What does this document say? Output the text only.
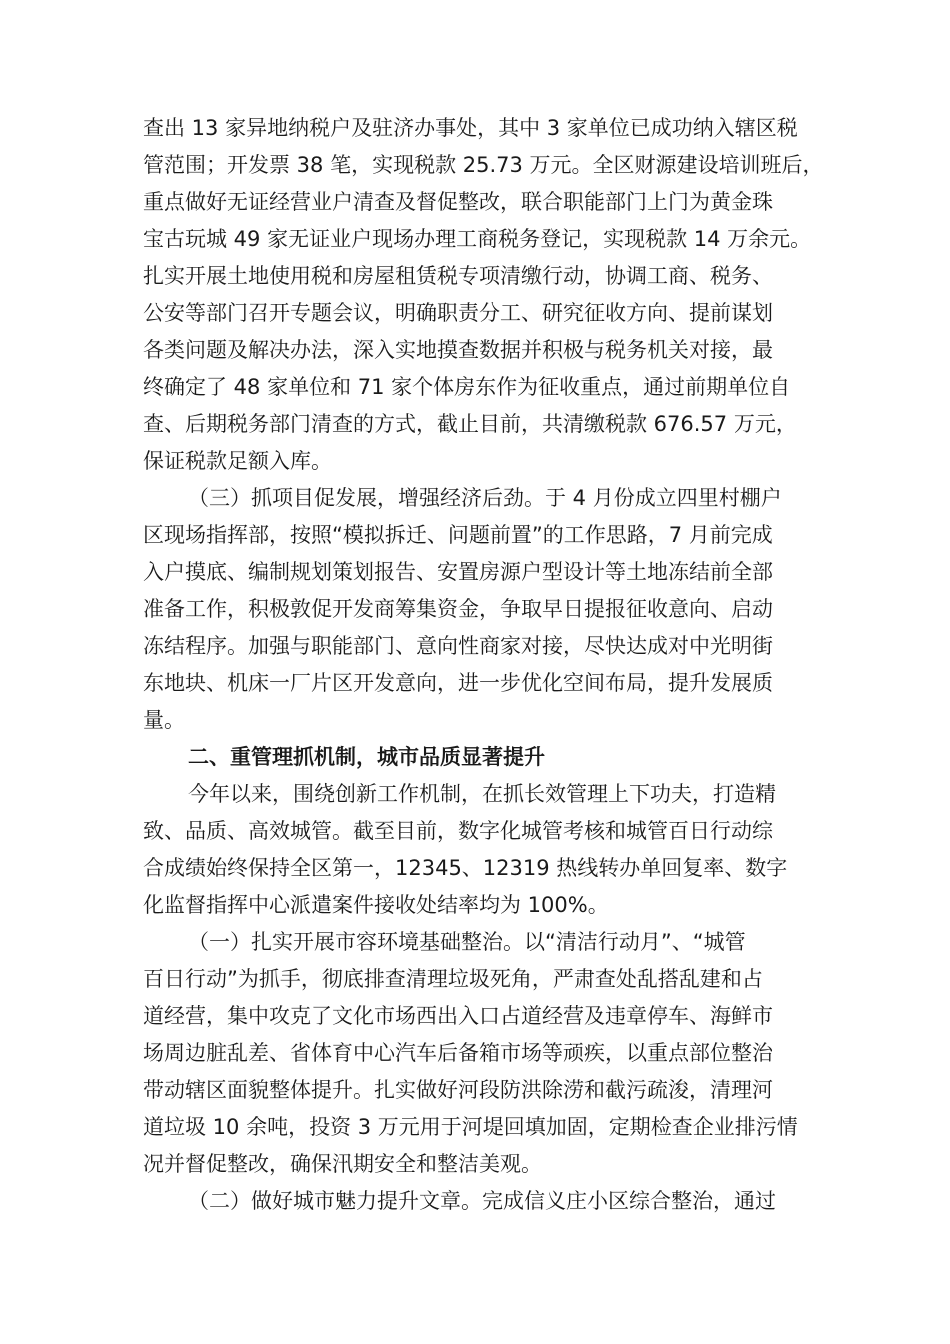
查出 13 家异地纳税户及驻济办事处，其中 3 家单位已成功纳入辖区税
管范围；开发票 38 笔，实现税款 25.73 万元。全区财源建设培训班后，
重点做好无证经营业户清查及督促整改，联合职能部门上门为黄金珠
宝古玩城 49 家无证业户现场办理工商税务登记，实现税款 14 万余元。
扎实开展土地使用税和房屋租赁税专项清缴行动，协调工商、税务、
公安等部门召开专题会议，明确职责分工、研究征收方向、提前谋划
各类问题及解决办法，深入实地摸查数据并积极与税务机关对接，最
终确定了 48 家单位和 71 家个体房东作为征收重点，通过前期单位自
查、后期税务部门清查的方式，截止目前，共清缴税款 676.57 万元，
保证税款足额入库。
（三）抓项目促发展，增强经济后劲。于 4 月份成立四里村棚户
区现场指挥部，按照“模拟拆迁、问题前置”的工作思路，7 月前完成
入户摸底、编制规划策划报告、安置房源户型设计等土地冻结前全部
准备工作，积极敦促开发商筹集资金，争取早日提报征收意向、启动
冻结程序。加强与职能部门、意向性商家对接，尽快达成对中光明街
东地块、机床一厂片区开发意向，进一步优化空间布局，提升发展质
量。
二、重管理抓机制，城市品质显著提升
今年以来，围绕创新工作机制，在抓长效管理上下功夫，打造精
致、品质、高效城管。截至目前，数字化城管考核和城管百日行动综
合成绩始终保持全区第一，12345、12319 热线转办单回复率、数字
化监督指挥中心派遣案件接收处结率均为 100%。
（一）扎实开展市容环境基础整治。以“清洁行动月”、“城管
百日行动”为抓手，彻底排查清理垃圾死角，严肃查处乱搭乱建和占
道经营，集中攻克了文化市场西出入口占道经营及违章停车、海鲜市
场周边脏乱差、省体育中心汽车后备箱市场等顽疾，以重点部位整治
带动辖区面貌整体提升。扎实做好河段防洪除涝和截污疏浚，清理河
道垃圾 10 余吨，投资 3 万元用于河堤回填加固，定期检查企业排污情
况并督促整改，确保汛期安全和整洁美观。
（二）做好城市魅力提升文章。完成信义庄小区综合整治，通过
